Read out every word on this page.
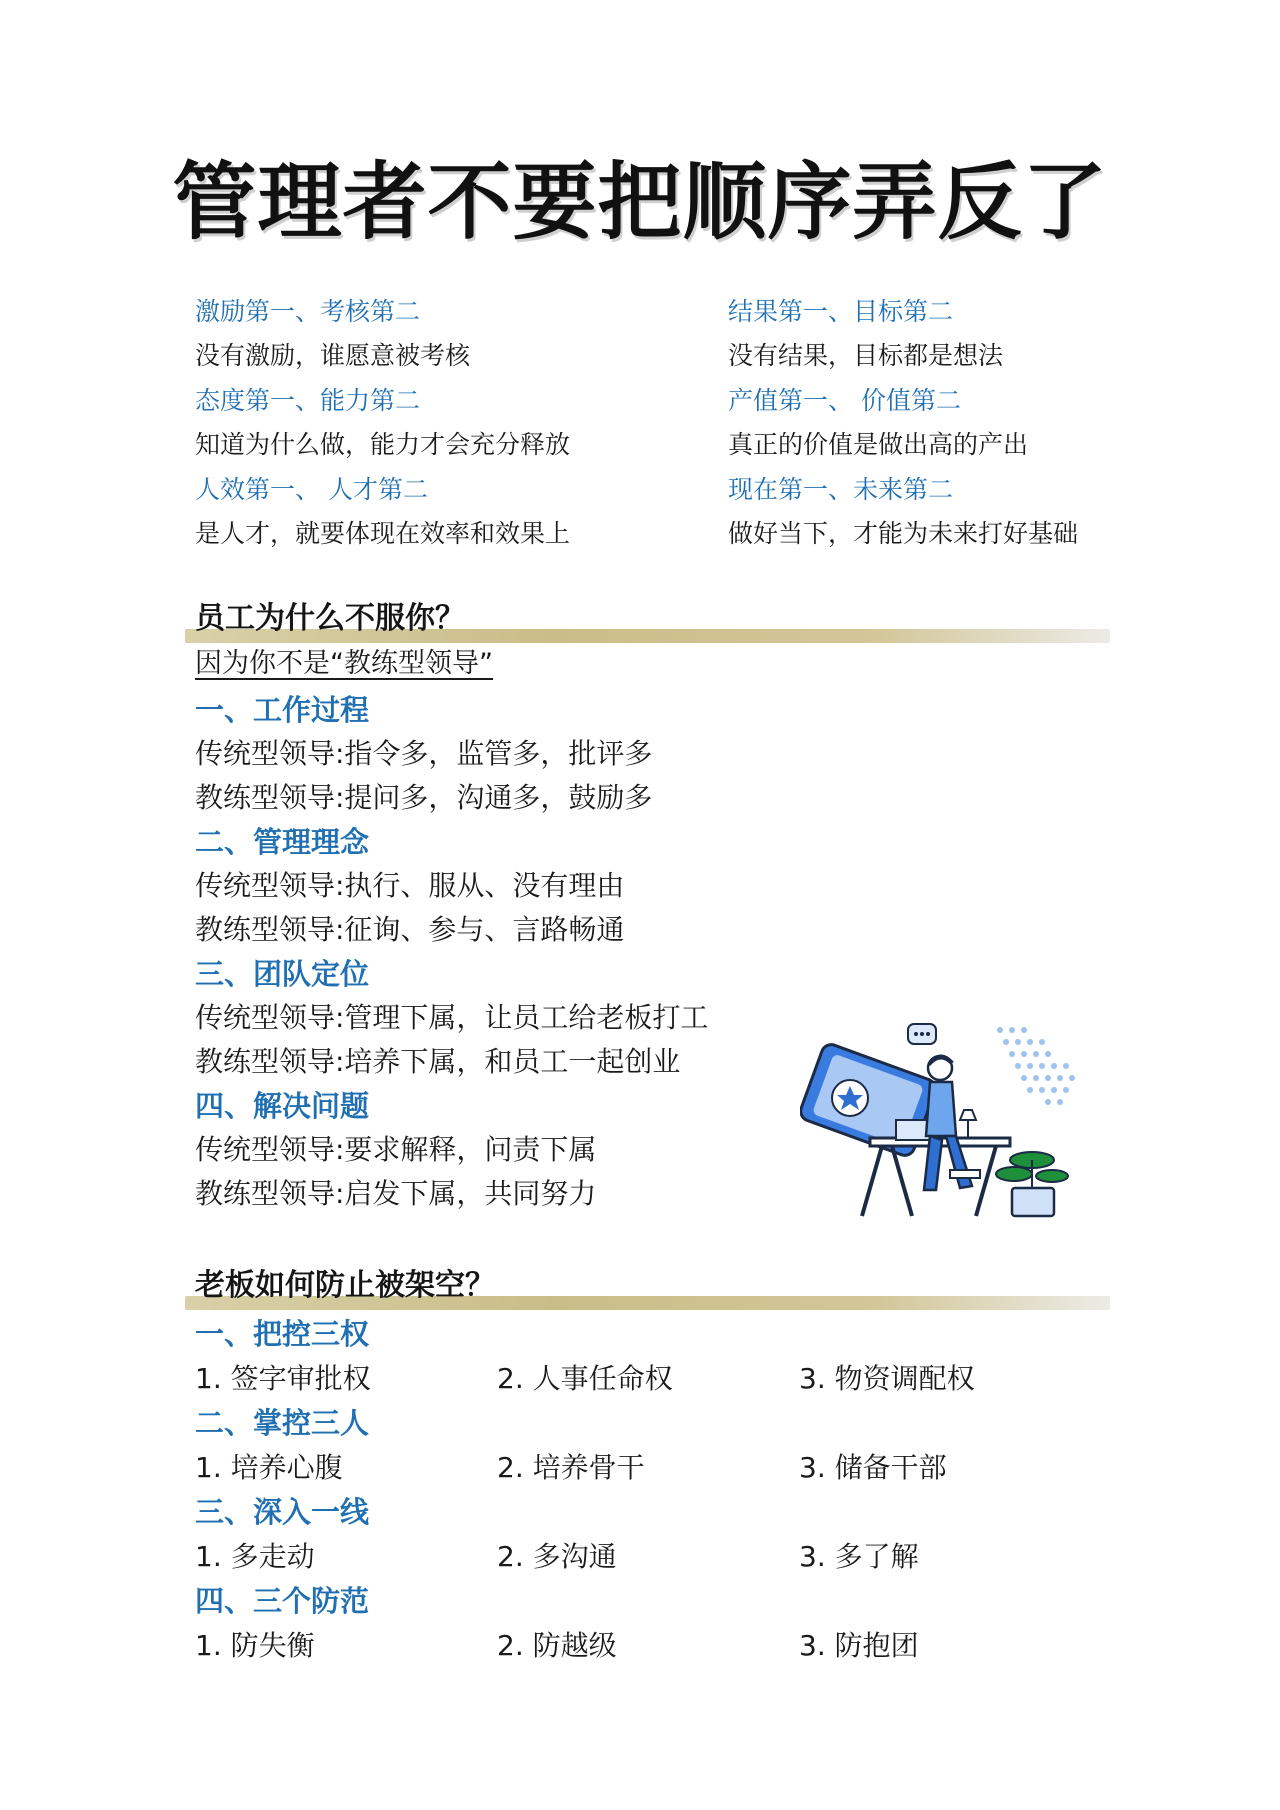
管理者不要把顺序弄反了
激励第一、考核第二
没有激励，谁愿意被考核
态度第一、能力第二
知道为什么做，能力才会充分释放
人效第一、 人才第二
是人才，就要体现在效率和效果上
结果第一、目标第二
没有结果，目标都是想法
产值第一、 价值第二
真正的价值是做出高的产出
现在第一、未来第二
做好当下，才能为未来打好基础
员工为什么不服你？
因为你不是“教练型领导”
一、工作过程
传统型领导:指令多，监管多，批评多
教练型领导:提问多，沟通多，鼓励多
二、管理理念
传统型领导:执行、服从、没有理由
教练型领导:征询、参与、言路畅通
三、团队定位
传统型领导:管理下属，让员工给老板打工
教练型领导:培养下属，和员工一起创业
四、解决问题
传统型领导:要求解释，问责下属
教练型领导:启发下属，共同努力
老板如何防止被架空？
一、把控三权
1. 签字审批权	2. 人事任命权	3. 物资调配权
二、掌控三人
1. 培养心腹	2. 培养骨干	3. 储备干部
三、深入一线
1. 多走动	2. 多沟通	3. 多了解
四、三个防范
1. 防失衡	2. 防越级	3. 防抱团
